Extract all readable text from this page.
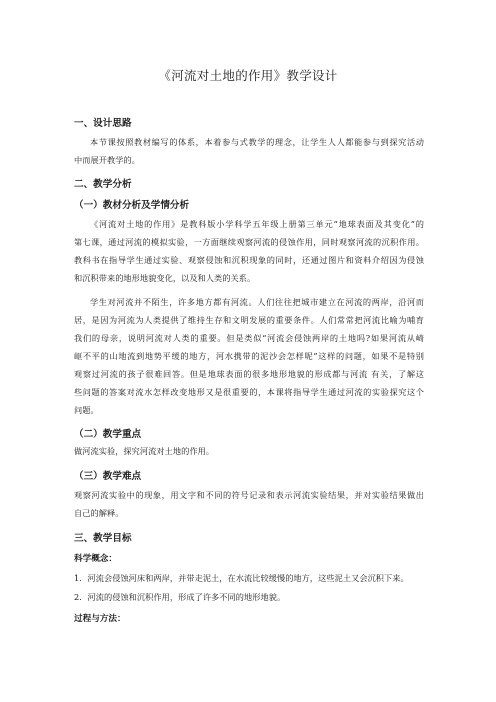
《河流对土地的作用》教学设计
一、设计思路
本节课按照教材编写的体系，本着参与式教学的理念，让学生人人都能参与到探究活动
中而展开教学的。
二、教学分析
（一）教材分析及学情分析
《河流对土地的作用》是教科版小学科学五年级上册第三单元“地球表面及其变化”的
第七课，通过河流的模拟实验，一方面继续观察河流的侵蚀作用，同时观察河流的沉积作用。
教科书在指导学生通过实验、观察侵蚀和沉积现象的同时，还通过图片和资料介绍因为侵蚀
和沉积带来的地形地貌变化，以及和人类的关系。
学生对河流并不陌生，许多地方都有河流。人们往往把城市建立在河流的两岸，沿河而
居，是因为河流为人类提供了维持生存和文明发展的重要条件。人们常常把河流比喻为哺育
我们的母亲，说明河流对人类的重要。但是类似“河流会侵蚀两岸的土地吗?如果河流从崎
岖不平的山地流到地势平缓的地方，河水携带的泥沙会怎样呢”这样的问题，如果不是特别
观察过河流的孩子很难回答。但是地球表面的很多地形地貌的形成都与河流 有关，了解这
些问题的答案对流水怎样改变地形又是很重要的，本课将指导学生通过河流的实验探究这个
问题。
（二）教学重点
做河流实验，探究河流对土地的作用。
（三）教学难点
观察河流实验中的现象，用文字和不同的符号记录和表示河流实验结果，并对实验结果做出
自己的解释。
三、教学目标
科学概念：
1．河流会侵蚀河床和两岸，并带走泥土，在水流比较缓慢的地方，这些泥土又会沉积下来。
2．河流的侵蚀和沉积作用，形成了许多不同的地形地貌。
过程与方法：
